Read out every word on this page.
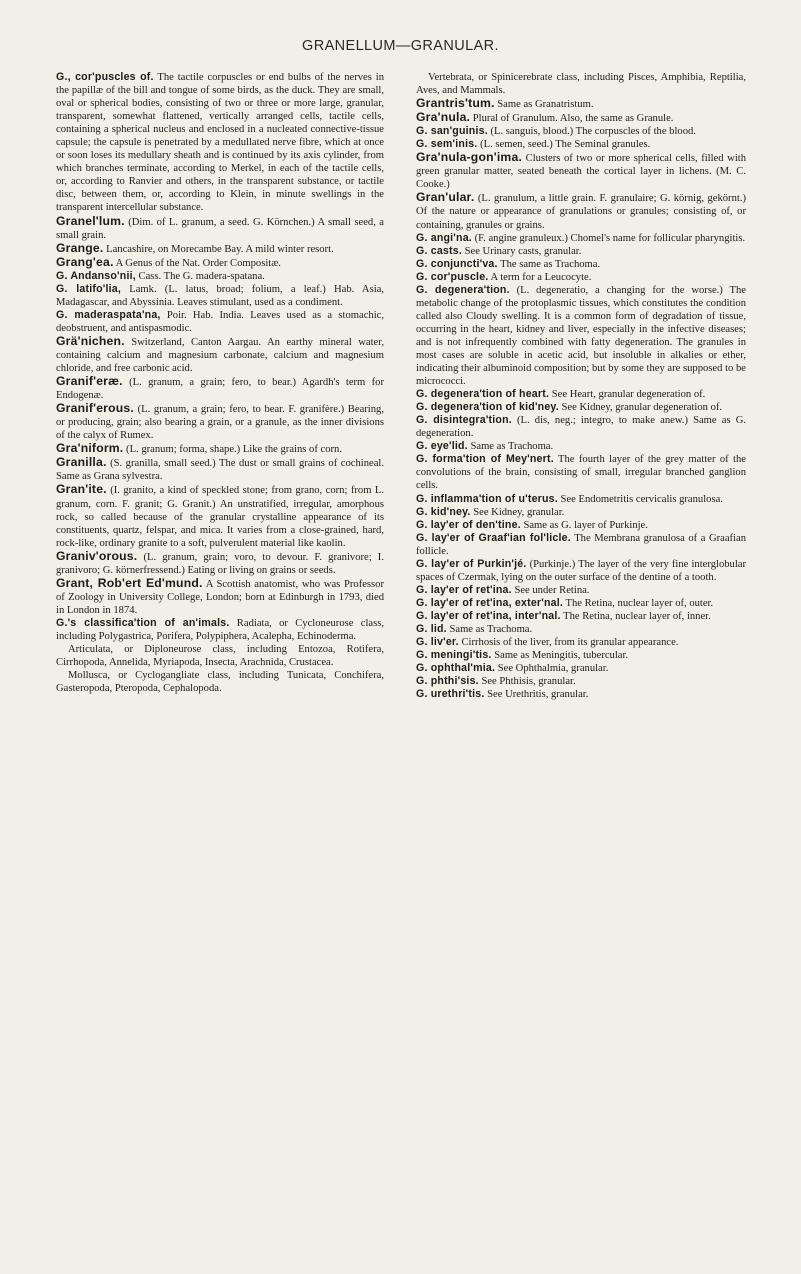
GRANELLUM—GRANULAR.

G., cor'puscles of. The tactile corpuscles or end bulbs of the nerves in the papillæ of the bill and tongue of some birds, as the duck. They are small, oval or spherical bodies, consisting of two or three or more large, granular, transparent, somewhat flattened, vertically arranged cells, tactile cells, containing a spherical nucleus and enclosed in a nucleated connective-tissue capsule; the capsule is penetrated by a medullated nerve fibre, which at once or soon loses its medullary sheath and is continued by its axis cylinder, from which branches terminate, according to Merkel, in each of the tactile cells, or, according to Ranvier and others, in the transparent substance, or tactile disc, between them, or, according to Klein, in minute swellings in the transparent intercellular substance.

Granel'lum. (Dim. of L. granum, a seed. G. Körnchen.) A small seed, a small grain.

Grange. Lancashire, on Morecambe Bay. A mild winter resort.

Grang'ea. A Genus of the Nat. Order Compositæ.

G. Andanso'nii, Cass. The G. madera-spatana.

G. latifo'lia, Lamk. (L. latus, broad; folium, a leaf.) Hab. Asia, Madagascar, and Abyssinia. Leaves stimulant, used as a condiment.

G. maderaspata'na, Poir. Hab. India. Leaves used as a stomachic, deobstruent, and antispasmodic.

Grä'nichen. Switzerland, Canton Aargau. An earthy mineral water, containing calcium and magnesium carbonate, calcium and magnesium chloride, and free carbonic acid.

Granif'eræ. (L. granum, a grain; fero, to bear.) Agardh's term for Endogenæ.

Granif'erous. (L. granum, a grain; fero, to bear. F. granifère.) Bearing, or producing, grain; also bearing a grain, or a granule, as the inner divisions of the calyx of Rumex.

Gra'niform. (L. granum; forma, shape.) Like the grains of corn.

Granilla. (S. granilla, small seed.) The dust or small grains of cochineal. Same as Grana sylvestra.

Gran'ite. (I. granito, a kind of speckled stone; from grano, corn; from L. granum, corn. F. granit; G. Granit.) An unstratified, irregular, amorphous rock, so called because of the granular crystalline appearance of its constituents, quartz, felspar, and mica. It varies from a close-grained, hard, rock-like, ordinary granite to a soft, pulverulent material like kaolin.

Graniv'orous. (L. granum, grain; voro, to devour. F. granivore; I. granivoro; G. körnerfressend.) Eating or living on grains or seeds.

Grant, Rob'ert Ed'mund. A Scottish anatomist, who was Professor of Zoology in University College, London; born at Edinburgh in 1793, died in London in 1874.

G.'s classifica'tion of an'imals. Radiata, or Cycloneurose class, including Polygastrica, Porifera, Polypiphera, Acalepha, Echinoderma.

Articulata, or Diploneurose class, including Entozoa, Rotifera, Cirrhopoda, Annelida, Myriapoda, Insecta, Arachnida, Crustacea.

Mollusca, or Cyclogangliate class, including Tunicata, Conchifera, Gasteropoda, Pteropoda, Cephalopoda.

Vertebrata, or Spinicerebrate class, including Pisces, Amphibia, Reptilia, Aves, and Mammals.

Grantris'tum. Same as Granatristum.

Gra'nula. Plural of Granulum. Also, the same as Granule.

G. san'guinis. (L. sanguis, blood.) The corpuscles of the blood.

G. sem'inis. (L. semen, seed.) The Seminal granules.

Gra'nula-gon'ima. Clusters of two or more spherical cells, filled with green granular matter, seated beneath the cortical layer in lichens. (M. C. Cooke.)

Gran'ular. (L. granulum, a little grain. F. granulaire; G. körnig, gekörnt.) Of the nature or appearance of granulations or granules; consisting of, or containing, granules or grains.

G. angi'na. (F. angine granuleux.) Chomel's name for follicular pharyngitis.

G. casts. See Urinary casts, granular.

G. conjuncti'va. The same as Trachoma.

G. cor'puscle. A term for a Leucocyte.

G. degenera'tion. (L. degeneratio, a changing for the worse.) The metabolic change of the protoplasmic tissues, which constitutes the condition called also Cloudy swelling. It is a common form of degradation of tissue, occurring in the heart, kidney and liver, especially in the infective diseases; and is not infrequently combined with fatty degeneration. The granules in most cases are soluble in acetic acid, but insoluble in alkalies or ether, indicating their albuminoid composition; but by some they are supposed to be micrococci.

G. degenera'tion of heart. See Heart, granular degeneration of.

G. degenera'tion of kid'ney. See Kidney, granular degeneration of.

G. disintegra'tion. (L. dis, neg.; integro, to make anew.) Same as G. degeneration.

G. eye'lid. Same as Trachoma.

G. forma'tion of Mey'nert. The fourth layer of the grey matter of the convolutions of the brain, consisting of small, irregular branched ganglion cells.

G. inflamma'tion of u'terus. See Endometritis cervicalis granulosa.

G. kid'ney. See Kidney, granular.

G. lay'er of den'tine. Same as G. layer of Purkinje.

G. lay'er of Graaf'ian fol'licle. The Membrana granulosa of a Graafian follicle.

G. lay'er of Purkin'jé. (Purkinje.) The layer of the very fine interglobular spaces of Czermak, lying on the outer surface of the dentine of a tooth.

G. lay'er of ret'ina. See under Retina.

G. lay'er of ret'ina, exter'nal. The Retina, nuclear layer of, outer.

G. lay'er of ret'ina, inter'nal. The Retina, nuclear layer of, inner.

G. lid. Same as Trachoma.

G. liv'er. Cirrhosis of the liver, from its granular appearance.

G. meningi'tis. Same as Meningitis, tubercular.

G. ophthal'mia. See Ophthalmia, granular.

G. phthi'sis. See Phthisis, granular.

G. urethri'tis. See Urethritis, granular.
